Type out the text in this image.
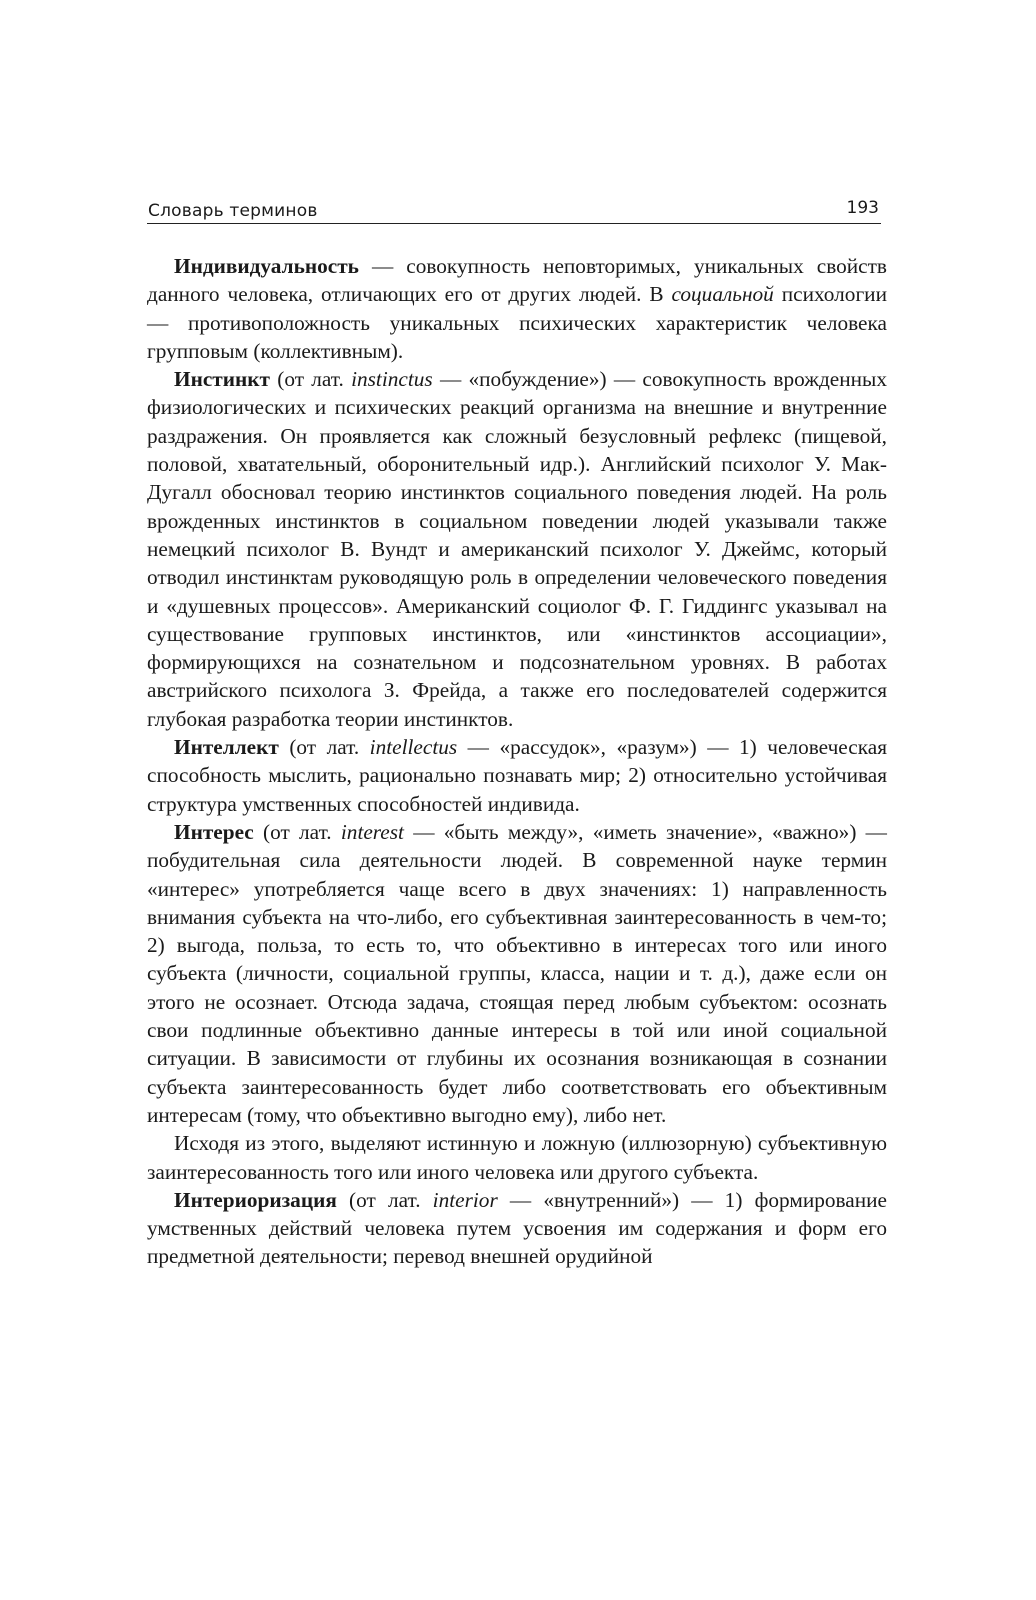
Словарь терминов	193

Индивидуальность — совокупность неповторимых, уникальных свойств данного человека, отличающих его от других людей. В социальной психологии — противоположность уникальных психических характеристик человека групповым (коллективным).

Инстинкт (от лат. instinctus — «побуждение») — совокупность врожденных физиологических и психических реакций организма на внешние и внутренние раздражения. Он проявляется как сложный безусловный рефлекс (пищевой, половой, хватательный, оборонительный идр.). Английский психолог У. Мак-Дугалл обосновал теорию инстинктов социального поведения людей. На роль врожденных инстинктов в социальном поведении людей указывали также немецкий психолог В. Вундт и американский психолог У. Джеймс, который отводил инстинктам руководящую роль в определении человеческого поведения и «душевных процессов». Американский социолог Ф. Г. Гиддингс указывал на существование групповых инстинктов, или «инстинктов ассоциации», формирующихся на сознательном и подсознательном уровнях. В работах австрийского психолога З. Фрейда, а также его последователей содержится глубокая разработка теории инстинктов.

Интеллект (от лат. intellectus — «рассудок», «разум») — 1) человеческая способность мыслить, рационально познавать мир; 2) относительно устойчивая структура умственных способностей индивида.

Интерес (от лат. interest — «быть между», «иметь значение», «важно») — побудительная сила деятельности людей. В современной науке термин «интерес» употребляется чаще всего в двух значениях: 1) направленность внимания субъекта на что-либо, его субъективная заинтересованность в чем-то; 2) выгода, польза, то есть то, что объективно в интересах того или иного субъекта (личности, социальной группы, класса, нации и т. д.), даже если он этого не осознает. Отсюда задача, стоящая перед любым субъектом: осознать свои подлинные объективно данные интересы в той или иной социальной ситуации. В зависимости от глубины их осознания возникающая в сознании субъекта заинтересованность будет либо соответствовать его объективным интересам (тому, что объективно выгодно ему), либо нет.

Исходя из этого, выделяют истинную и ложную (иллюзорную) субъективную заинтересованность того или иного человека или другого субъекта.

Интериоризация (от лат. interior — «внутренний») — 1) формирование умственных действий человека путем усвоения им содержания и форм его предметной деятельности; перевод внешней орудийной
